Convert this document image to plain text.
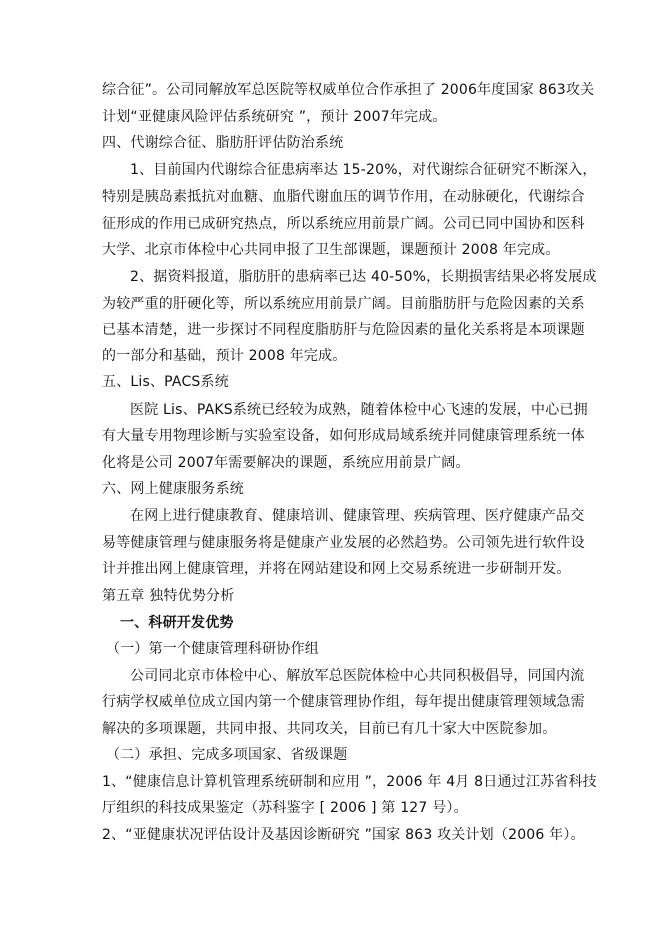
综合征”。公司同解放军总医院等权威单位合作承担了 2006年度国家 863攻关
计划“亚健康风险评估系统研究 ”，预计 2007年完成。
四、代谢综合征、脂肪肝评估防治系统
1、目前国内代谢综合征患病率达 15-20%，对代谢综合征研究不断深入，
特别是胰岛素抵抗对血糖、血脂代谢血压的调节作用，在动脉硬化，代谢综合
征形成的作用已成研究热点，所以系统应用前景广阔。公司已同中国协和医科
大学、北京市体检中心共同申报了卫生部课题，课题预计 2008 年完成。
2、据资料报道，脂肪肝的患病率已达 40-50%，长期损害结果必将发展成
为较严重的肝硬化等，所以系统应用前景广阔。目前脂肪肝与危险因素的关系
已基本清楚，进一步探讨不同程度脂肪肝与危险因素的量化关系将是本项课题
的一部分和基础，预计 2008 年完成。
五、Lis、PACS系统
医院 Lis、PAKS系统已经较为成熟，随着体检中心飞速的发展，中心已拥
有大量专用物理诊断与实验室设备，如何形成局域系统并同健康管理系统一体
化将是公司 2007年需要解决的课题，系统应用前景广阔。
六、网上健康服务系统
在网上进行健康教育、健康培训、健康管理、疾病管理、医疗健康产品交
易等健康管理与健康服务将是健康产业发展的必然趋势。公司领先进行软件设
计并推出网上健康管理，并将在网站建设和网上交易系统进一步研制开发。
第五章 独特优势分析
一、科研开发优势
（一）第一个健康管理科研协作组
公司同北京市体检中心、解放军总医院体检中心共同积极倡导，同国内流
行病学权威单位成立国内第一个健康管理协作组，每年提出健康管理领域急需
解决的多项课题，共同申报、共同攻关，目前已有几十家大中医院参加。
（二）承担、完成多项国家、省级课题
1、“健康信息计算机管理系统研制和应用 ”，2006 年 4月 8日通过江苏省科技
厅组织的科技成果鉴定（苏科鉴字 [ 2006 ] 第 127 号）。
2、“亚健康状况评估设计及基因诊断研究 ”国家 863 攻关计划（2006 年）。
